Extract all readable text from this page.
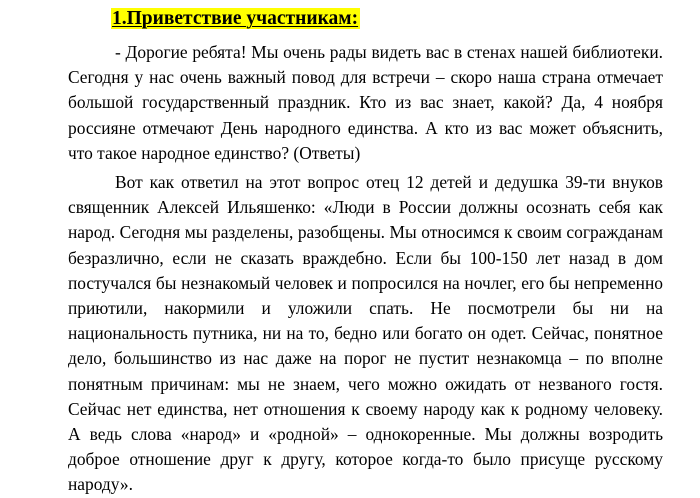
1.Приветствие участникам:

- Дорогие ребята! Мы очень рады видеть вас в стенах нашей библиотеки. Сегодня у нас очень важный повод для встречи – скоро наша страна отмечает большой государственный праздник. Кто из вас знает, какой? Да, 4 ноября россияне отмечают День народного единства. А кто из вас может объяснить, что такое народное единство? (Ответы)

Вот как ответил на этот вопрос отец 12 детей и дедушка 39-ти внуков священник Алексей Ильяшенко: «Люди в России должны осознать себя как народ. Сегодня мы разделены, разобщены. Мы относимся к своим согражданам безразлично, если не сказать враждебно. Если бы 100-150 лет назад в дом постучался бы незнакомый человек и попросился на ночлег, его бы непременно приютили, накормили и уложили спать. Не посмотрели бы ни на национальность путника, ни на то, бедно или богато он одет. Сейчас, понятное дело, большинство из нас даже на порог не пустит незнакомца – по вполне понятным причинам: мы не знаем, чего можно ожидать от незваного гостя. Сейчас нет единства, нет отношения к своему народу как к родному человеку. А ведь слова «народ» и «родной» – однокоренные. Мы должны возродить доброе отношение друг к другу, которое когда-то было присуще русскому народу».
